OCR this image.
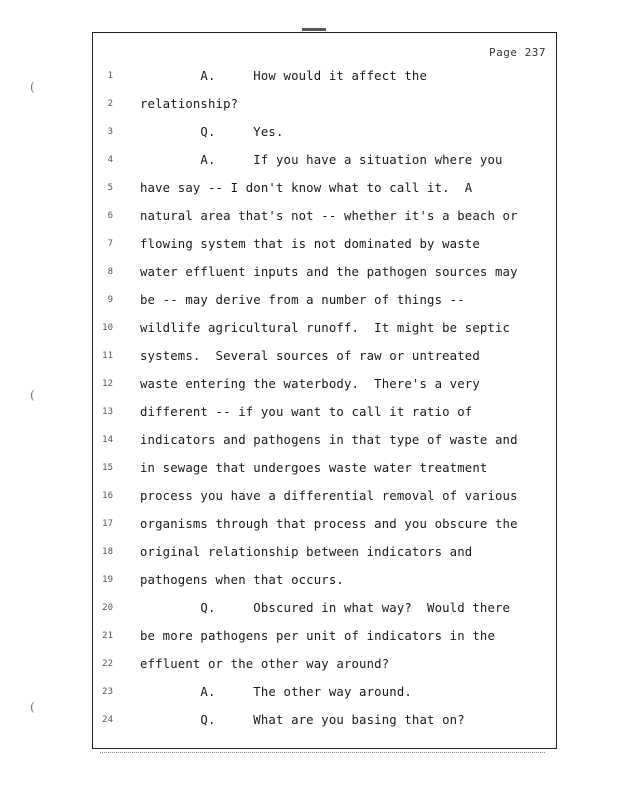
(
(
(
Page 237
1 A.     How would it affect the
2 relationship?
3 Q.     Yes.
4 A.     If you have a situation where you
5 have say -- I don't know what to call it.  A
6 natural area that's not -- whether it's a beach or
7 flowing system that is not dominated by waste
8 water effluent inputs and the pathogen sources may
9 be -- may derive from a number of things --
10 wildlife agricultural runoff.  It might be septic
11 systems.  Several sources of raw or untreated
12 waste entering the waterbody.  There's a very
13 different -- if you want to call it ratio of
14 indicators and pathogens in that type of waste and
15 in sewage that undergoes waste water treatment
16 process you have a differential removal of various
17 organisms through that process and you obscure the
18 original relationship between indicators and
19 pathogens when that occurs.
20 Q.     Obscured in what way?  Would there
21 be more pathogens per unit of indicators in the
22 effluent or the other way around?
23 A.     The other way around.
24 Q.     What are you basing that on?
